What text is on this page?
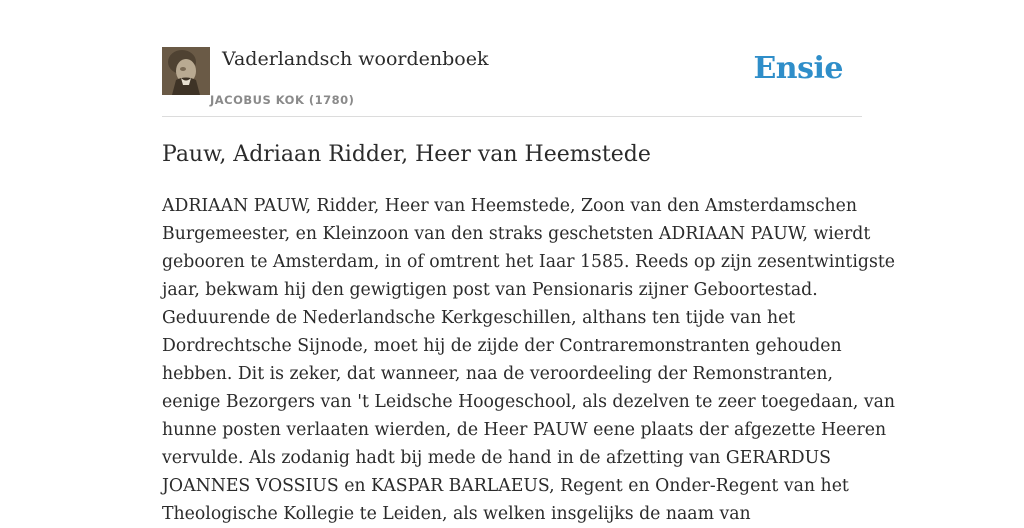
Vaderlandsch woordenboek
JACOBUS KOK (1780)
Ensie
Pauw, Adriaan Ridder, Heer van Heemstede

ADRIAAN PAUW, Ridder, Heer van Heemstede, Zoon van den Amsterdamschen
Burgemeester, en Kleinzoon van den straks geschetsten ADRIAAN PAUW, wierdt
gebooren te Amsterdam, in of omtrent het Iaar 1585. Reeds op zijn zesentwintigste
jaar, bekwam hij den gewigtigen post van Pensionaris zijner Geboortestad.
Geduurende de Nederlandsche Kerkgeschillen, althans ten tijde van het
Dordrechtsche Sijnode, moet hij de zijde der Contraremonstranten gehouden
hebben. Dit is zeker, dat wanneer, naa de veroordeeling der Remonstranten,
eenige Bezorgers van 't Leidsche Hoogeschool, als dezelven te zeer toegedaan, van
hunne posten verlaaten wierden, de Heer PAUW eene plaats der afgezette Heeren
vervulde. Als zodanig hadt bij mede de hand in de afzetting van GERARDUS
JOANNES VOSSIUS en KASPAR BARLAEUS, Regent en Onder-Regent van het
Theologische Kollegie te Leiden, als welken insgelijks de naam van
